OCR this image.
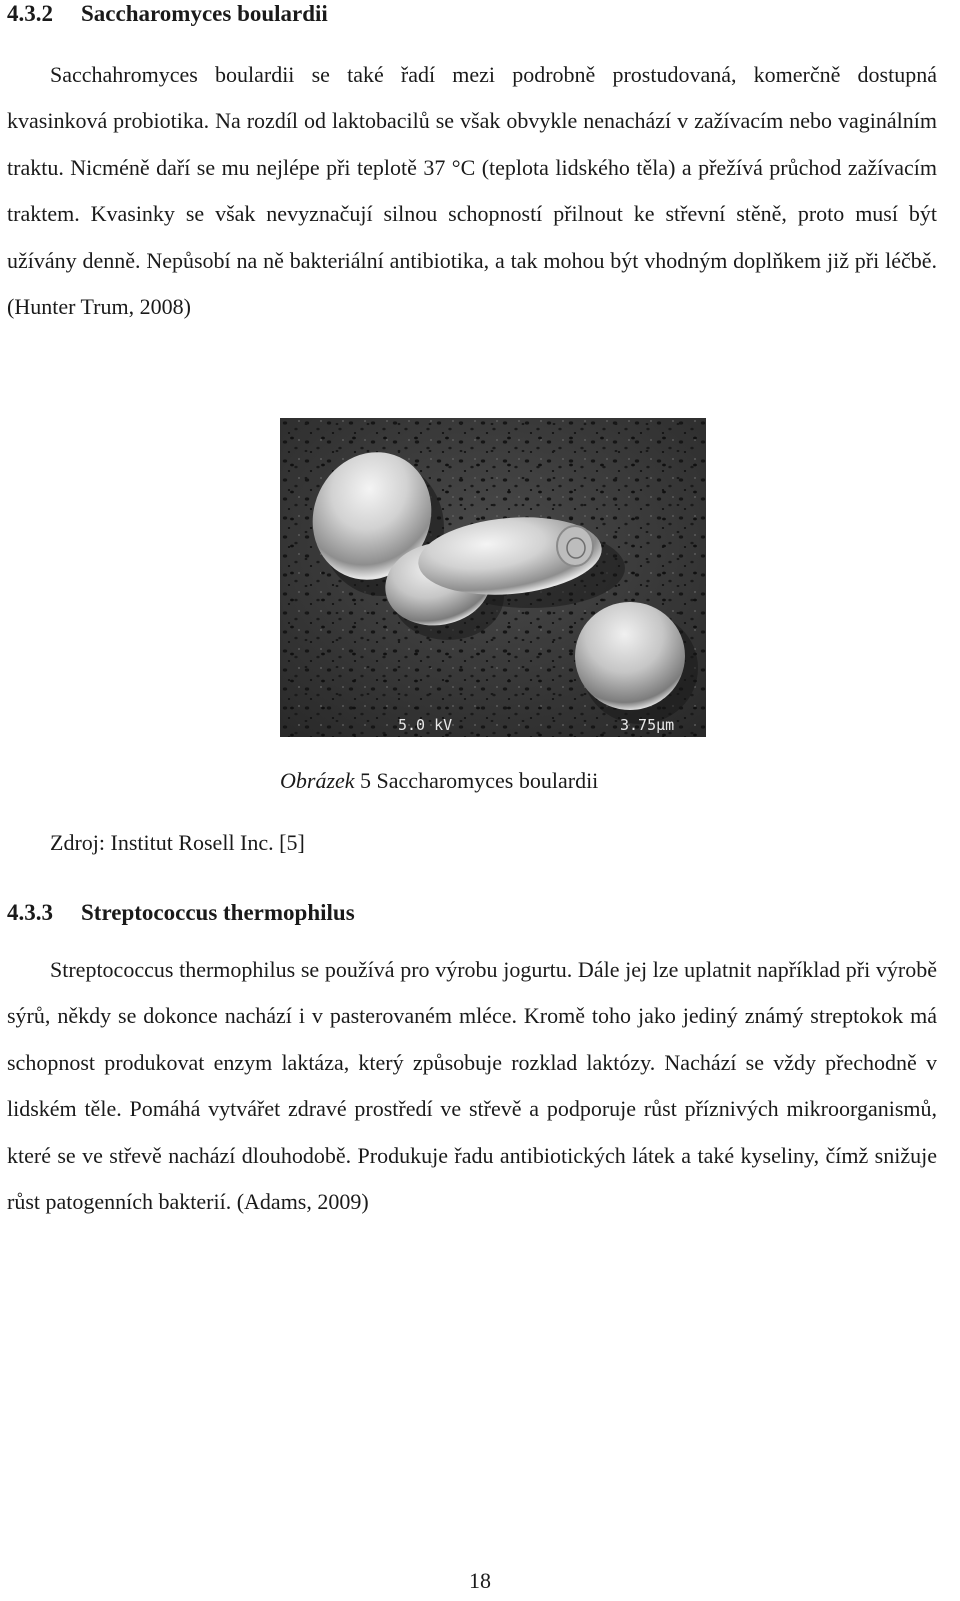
4.3.2 Saccharomyces boulardii

Sacchahromyces boulardii se také řadí mezi podrobně prostudovaná, komerčně dostupná kvasinková probiotika. Na rozdíl od laktobacilů se však obvykle nenachází v zažívacím nebo vaginálním traktu. Nicméně daří se mu nejlépe při teplotě 37 °C (teplota lidského těla) a přežívá průchod zažívacím traktem. Kvasinky se však nevyznačují silnou schopností přilnout ke střevní stěně, proto musí být užívány denně. Nepůsobí na ně bakteriální antibiotika, a tak mohou být vhodným doplňkem již při léčbě. (Hunter Trum, 2008)

5.0 kV	3.75µm
Obrázek 5 Saccharomyces boulardii
Zdroj: Institut Rosell Inc. [5]
4.3.3 Streptococcus thermophilus

Streptococcus thermophilus se používá pro výrobu jogurtu. Dále jej lze uplatnit například při výrobě sýrů, někdy se dokonce nachází i v pasterovaném mléce. Kromě toho jako jediný známý streptokok má schopnost produkovat enzym laktáza, který způsobuje rozklad laktózy. Nachází se vždy přechodně v lidském těle. Pomáhá vytvářet zdravé prostředí ve střevě a podporuje růst příznivých mikroorganismů, které se ve střevě nachází dlouhodobě. Produkuje řadu antibiotických látek a také kyseliny, čímž snižuje růst patogenních bakterií. (Adams, 2009)

18
